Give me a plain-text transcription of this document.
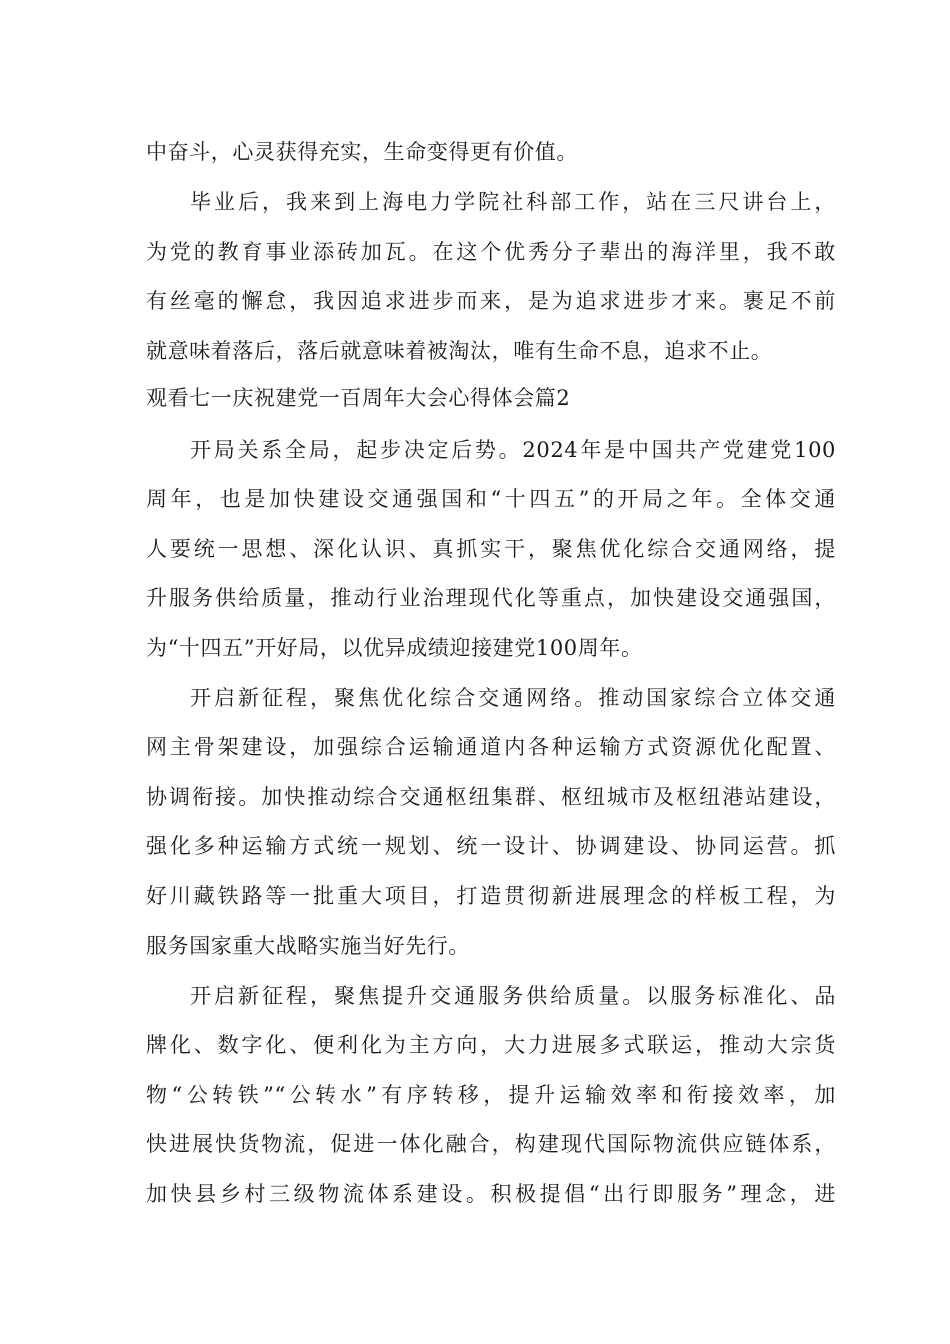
中奋斗，心灵获得充实，生命变得更有价值。
毕业后，我来到上海电力学院社科部工作，站在三尺讲台上，
为党的教育事业添砖加瓦。在这个优秀分子辈出的海洋里，我不敢
有丝毫的懈怠，我因追求进步而来，是为追求进步才来。裹足不前
就意味着落后，落后就意味着被淘汰，唯有生命不息，追求不止。
观看七一庆祝建党一百周年大会心得体会篇2
开局关系全局，起步决定后势。2024年是中国共产党建党100
周年，也是加快建设交通强国和“十四五”的开局之年。全体交通
人要统一思想、深化认识、真抓实干，聚焦优化综合交通网络，提
升服务供给质量，推动行业治理现代化等重点，加快建设交通强国，
为“十四五”开好局，以优异成绩迎接建党100周年。
开启新征程，聚焦优化综合交通网络。推动国家综合立体交通
网主骨架建设，加强综合运输通道内各种运输方式资源优化配置、
协调衔接。加快推动综合交通枢纽集群、枢纽城市及枢纽港站建设，
强化多种运输方式统一规划、统一设计、协调建设、协同运营。抓
好川藏铁路等一批重大项目，打造贯彻新进展理念的样板工程，为
服务国家重大战略实施当好先行。
开启新征程，聚焦提升交通服务供给质量。以服务标准化、品
牌化、数字化、便利化为主方向，大力进展多式联运，推动大宗货
物“公转铁”“公转水”有序转移，提升运输效率和衔接效率，加
快进展快货物流，促进一体化融合，构建现代国际物流供应链体系，
加快县乡村三级物流体系建设。积极提倡“出行即服务”理念，进
